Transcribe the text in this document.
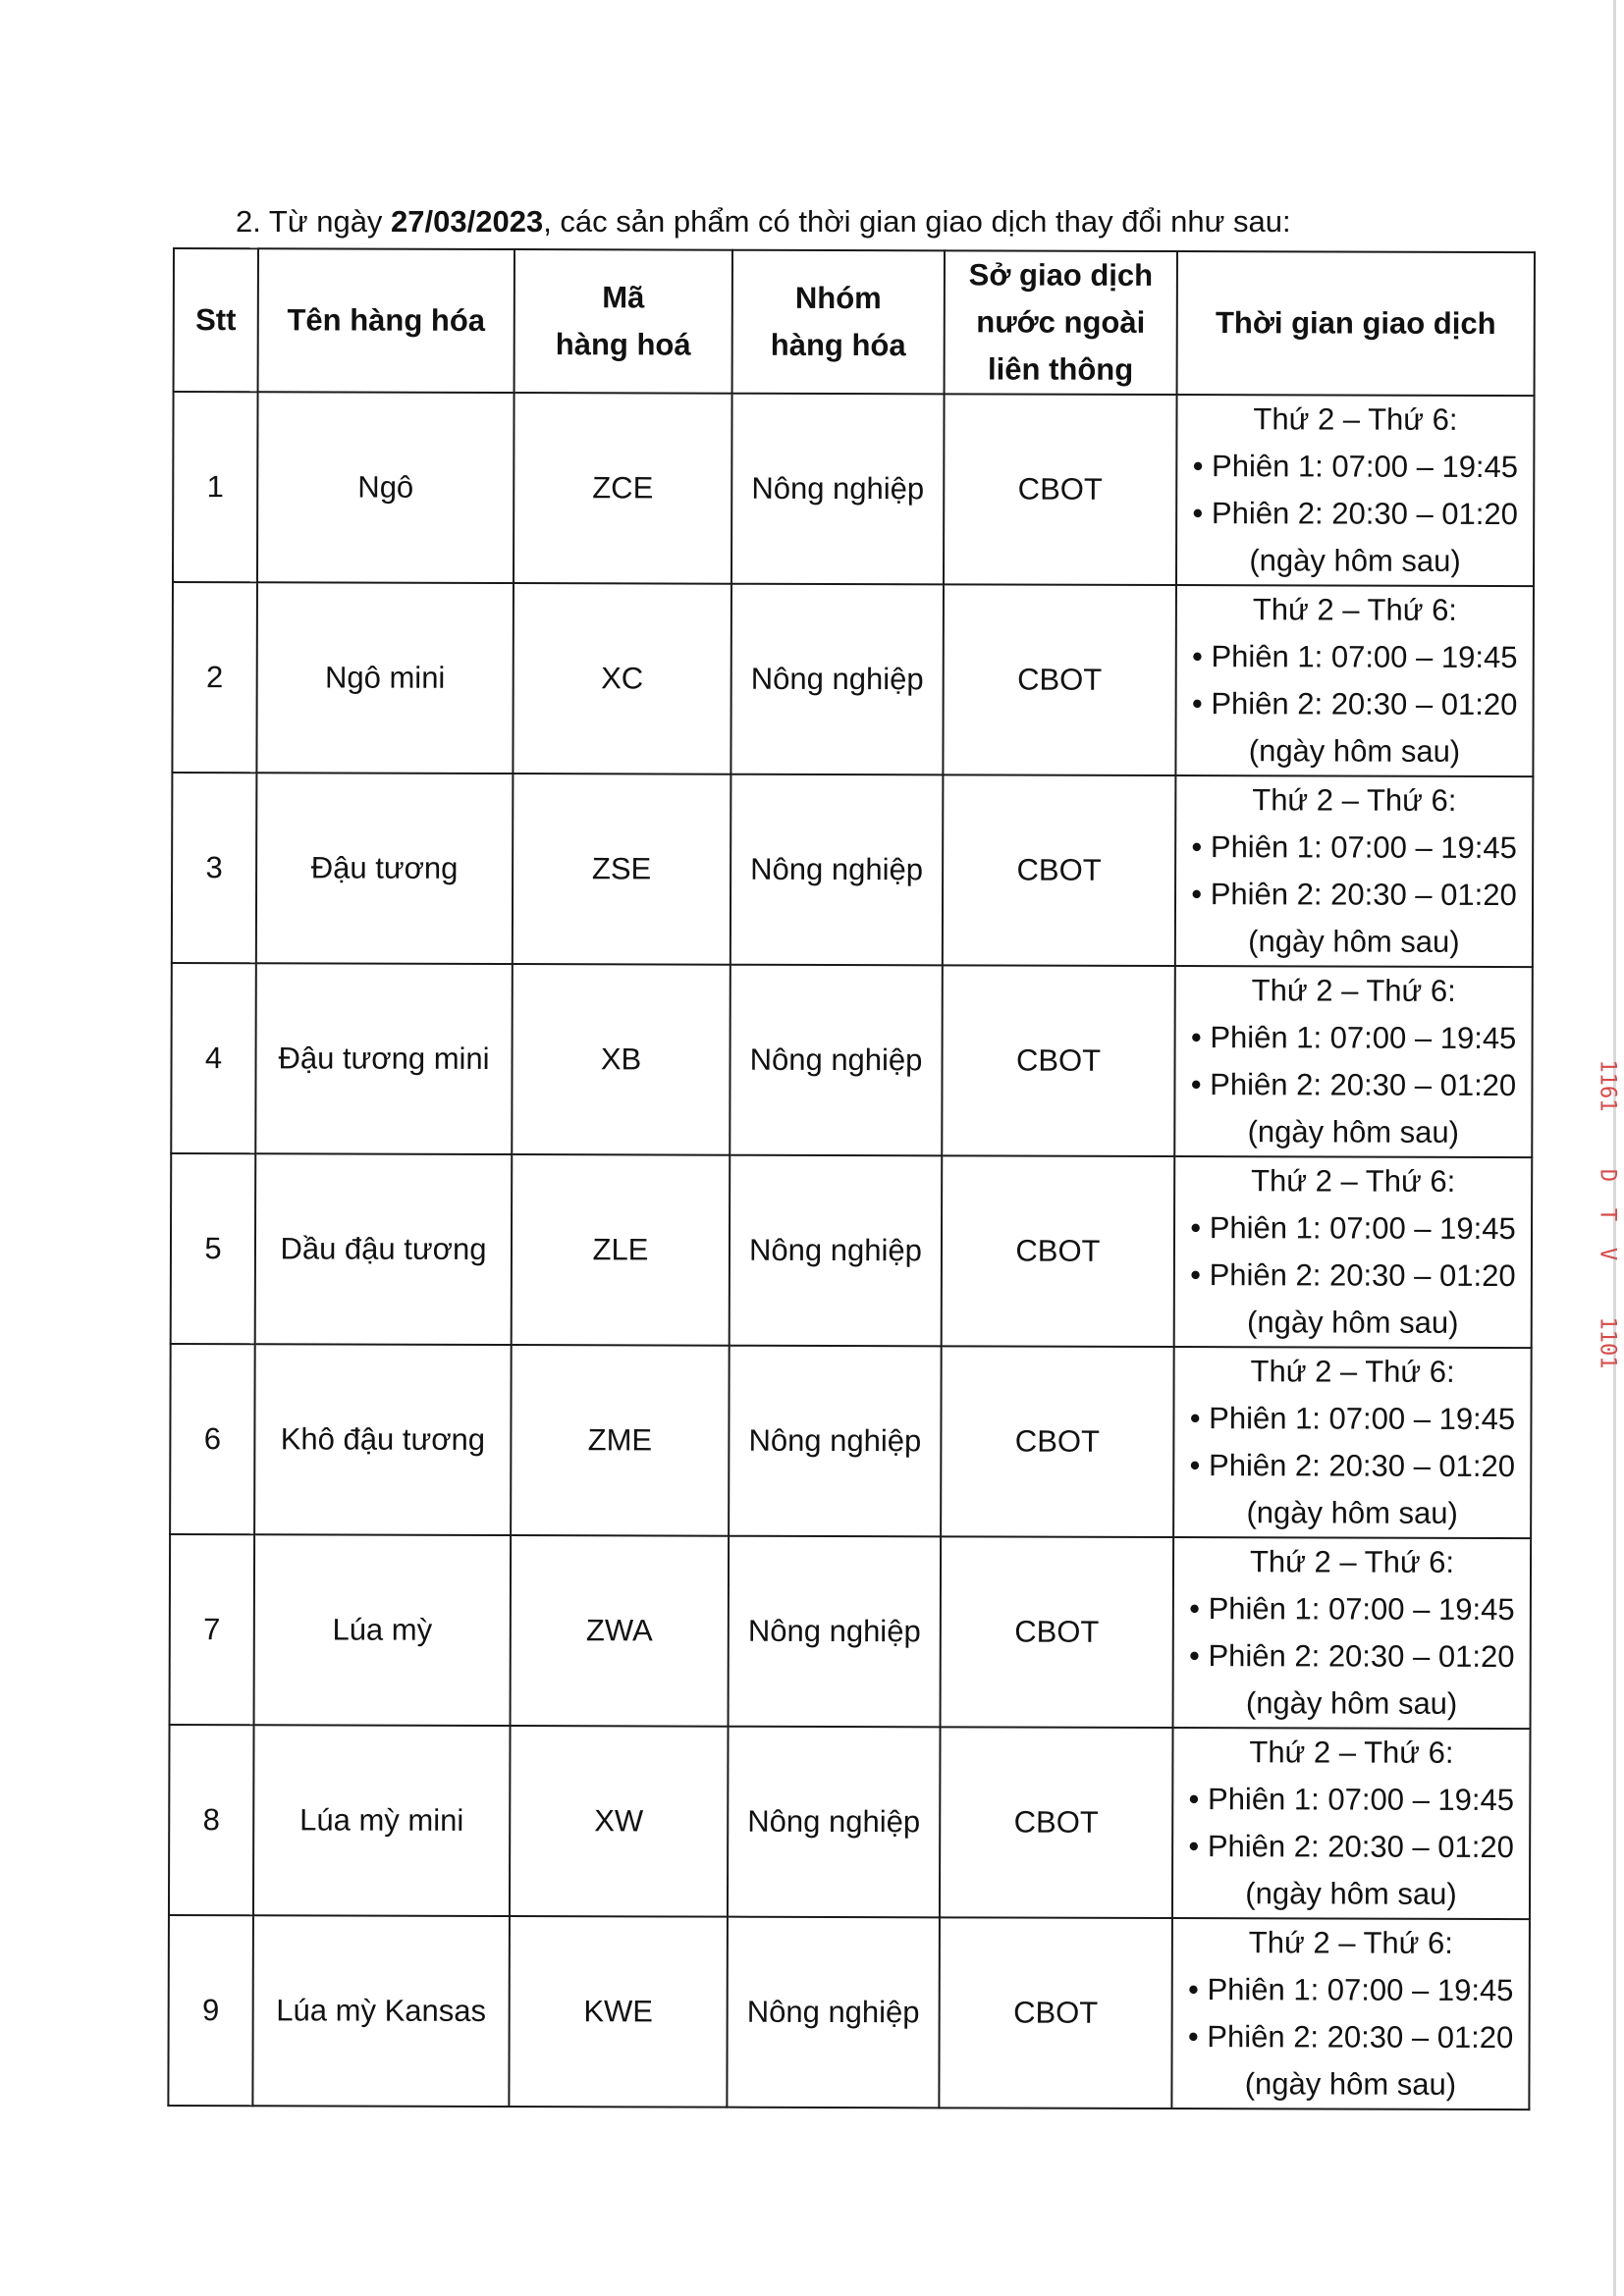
2. Từ ngày 27/03/2023, các sản phẩm có thời gian giao dịch thay đổi như sau:

Stt	Tên hàng hóa	Mã
hàng hoá	Nhóm
hàng hóa	Sở giao dịch
nước ngoài
liên thông	Thời gian giao dịch
1	Ngô	ZCE	Nông nghiệp	CBOT	Thứ 2 – Thứ 6:
• Phiên 1: 07:00 – 19:45
• Phiên 2: 20:30 – 01:20
(ngày hôm sau)

2	Ngô mini	XC	Nông nghiệp	CBOT	Thứ 2 – Thứ 6:
• Phiên 1: 07:00 – 19:45
• Phiên 2: 20:30 – 01:20
(ngày hôm sau)

3	Đậu tương	ZSE	Nông nghiệp	CBOT	Thứ 2 – Thứ 6:
• Phiên 1: 07:00 – 19:45
• Phiên 2: 20:30 – 01:20
(ngày hôm sau)

4	Đậu tương mini	XB	Nông nghiệp	CBOT	Thứ 2 – Thứ 6:
• Phiên 1: 07:00 – 19:45
• Phiên 2: 20:30 – 01:20
(ngày hôm sau)

5	Dầu đậu tương	ZLE	Nông nghiệp	CBOT	Thứ 2 – Thứ 6:
• Phiên 1: 07:00 – 19:45
• Phiên 2: 20:30 – 01:20
(ngày hôm sau)

6	Khô đậu tương	ZME	Nông nghiệp	CBOT	Thứ 2 – Thứ 6:
• Phiên 1: 07:00 – 19:45
• Phiên 2: 20:30 – 01:20
(ngày hôm sau)

7	Lúa mỳ	ZWA	Nông nghiệp	CBOT	Thứ 2 – Thứ 6:
• Phiên 1: 07:00 – 19:45
• Phiên 2: 20:30 – 01:20
(ngày hôm sau)

8	Lúa mỳ mini	XW	Nông nghiệp	CBOT	Thứ 2 – Thứ 6:
• Phiên 1: 07:00 – 19:45
• Phiên 2: 20:30 – 01:20
(ngày hôm sau)

9	Lúa mỳ Kansas	KWE	Nông nghiệp	CBOT	Thứ 2 – Thứ 6:
• Phiên 1: 07:00 – 19:45
• Phiên 2: 20:30 – 01:20
(ngày hôm sau)
1161
D
T
V
1101
